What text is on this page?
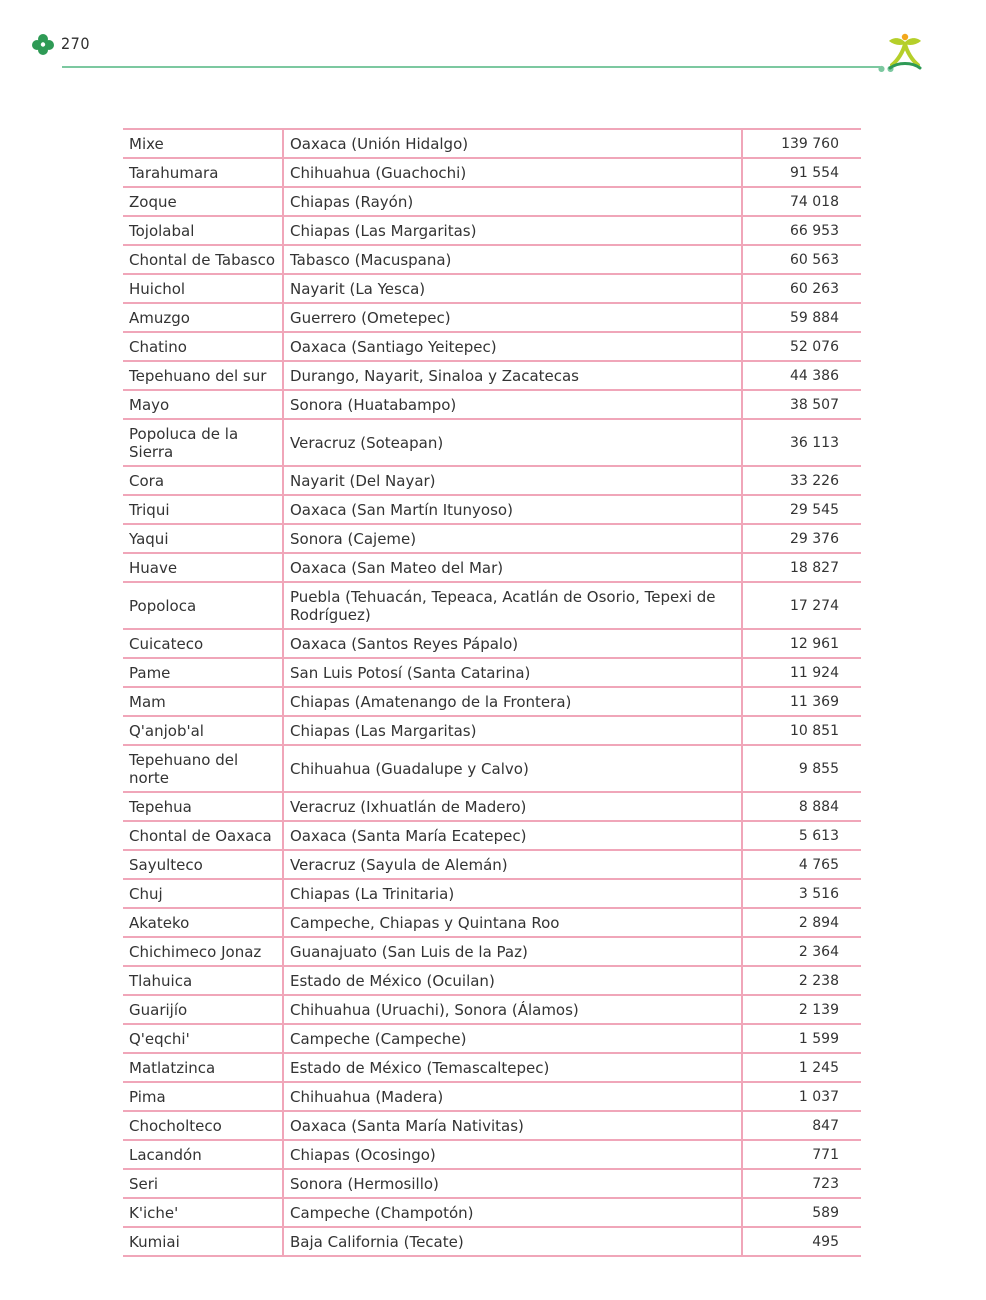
270
●●
Mixe	Oaxaca (Unión Hidalgo)	139 760
Tarahumara	Chihuahua (Guachochi)	91 554
Zoque	Chiapas (Rayón)	74 018
Tojolabal	Chiapas (Las Margaritas)	66 953
Chontal de Tabasco	Tabasco (Macuspana)	60 563
Huichol	Nayarit (La Yesca)	60 263
Amuzgo	Guerrero (Ometepec)	59 884
Chatino	Oaxaca (Santiago Yeitepec)	52 076
Tepehuano del sur	Durango, Nayarit, Sinaloa y Zacatecas	44 386
Mayo	Sonora (Huatabampo)	38 507
Popoluca de la Sierra	Veracruz (Soteapan)	36 113
Cora	Nayarit (Del Nayar)	33 226
Triqui	Oaxaca (San Martín Itunyoso)	29 545
Yaqui	Sonora (Cajeme)	29 376
Huave	Oaxaca (San Mateo del Mar)	18 827
Popoloca	Puebla (Tehuacán, Tepeaca, Acatlán de Osorio, Tepexi de Rodríguez)	17 274
Cuicateco	Oaxaca (Santos Reyes Pápalo)	12 961
Pame	San Luis Potosí (Santa Catarina)	11 924
Mam	Chiapas (Amatenango de la Frontera)	11 369
Q'anjob'al	Chiapas (Las Margaritas)	10 851
Tepehuano del norte	Chihuahua (Guadalupe y Calvo)	9 855
Tepehua	Veracruz (Ixhuatlán de Madero)	8 884
Chontal de Oaxaca	Oaxaca (Santa María Ecatepec)	5 613
Sayulteco	Veracruz (Sayula de Alemán)	4 765
Chuj	Chiapas (La Trinitaria)	3 516
Akateko	Campeche, Chiapas y Quintana Roo	2 894
Chichimeco Jonaz	Guanajuato (San Luis de la Paz)	2 364
Tlahuica	Estado de México (Ocuilan)	2 238
Guarijío	Chihuahua (Uruachi), Sonora (Álamos)	2 139
Q'eqchi'	Campeche (Campeche)	1 599
Matlatzinca	Estado de México (Temascaltepec)	1 245
Pima	Chihuahua (Madera)	1 037
Chocholteco	Oaxaca (Santa María Nativitas)	847
Lacandón	Chiapas (Ocosingo)	771
Seri	Sonora (Hermosillo)	723
K'iche'	Campeche (Champotón)	589
Kumiai	Baja California (Tecate)	495
